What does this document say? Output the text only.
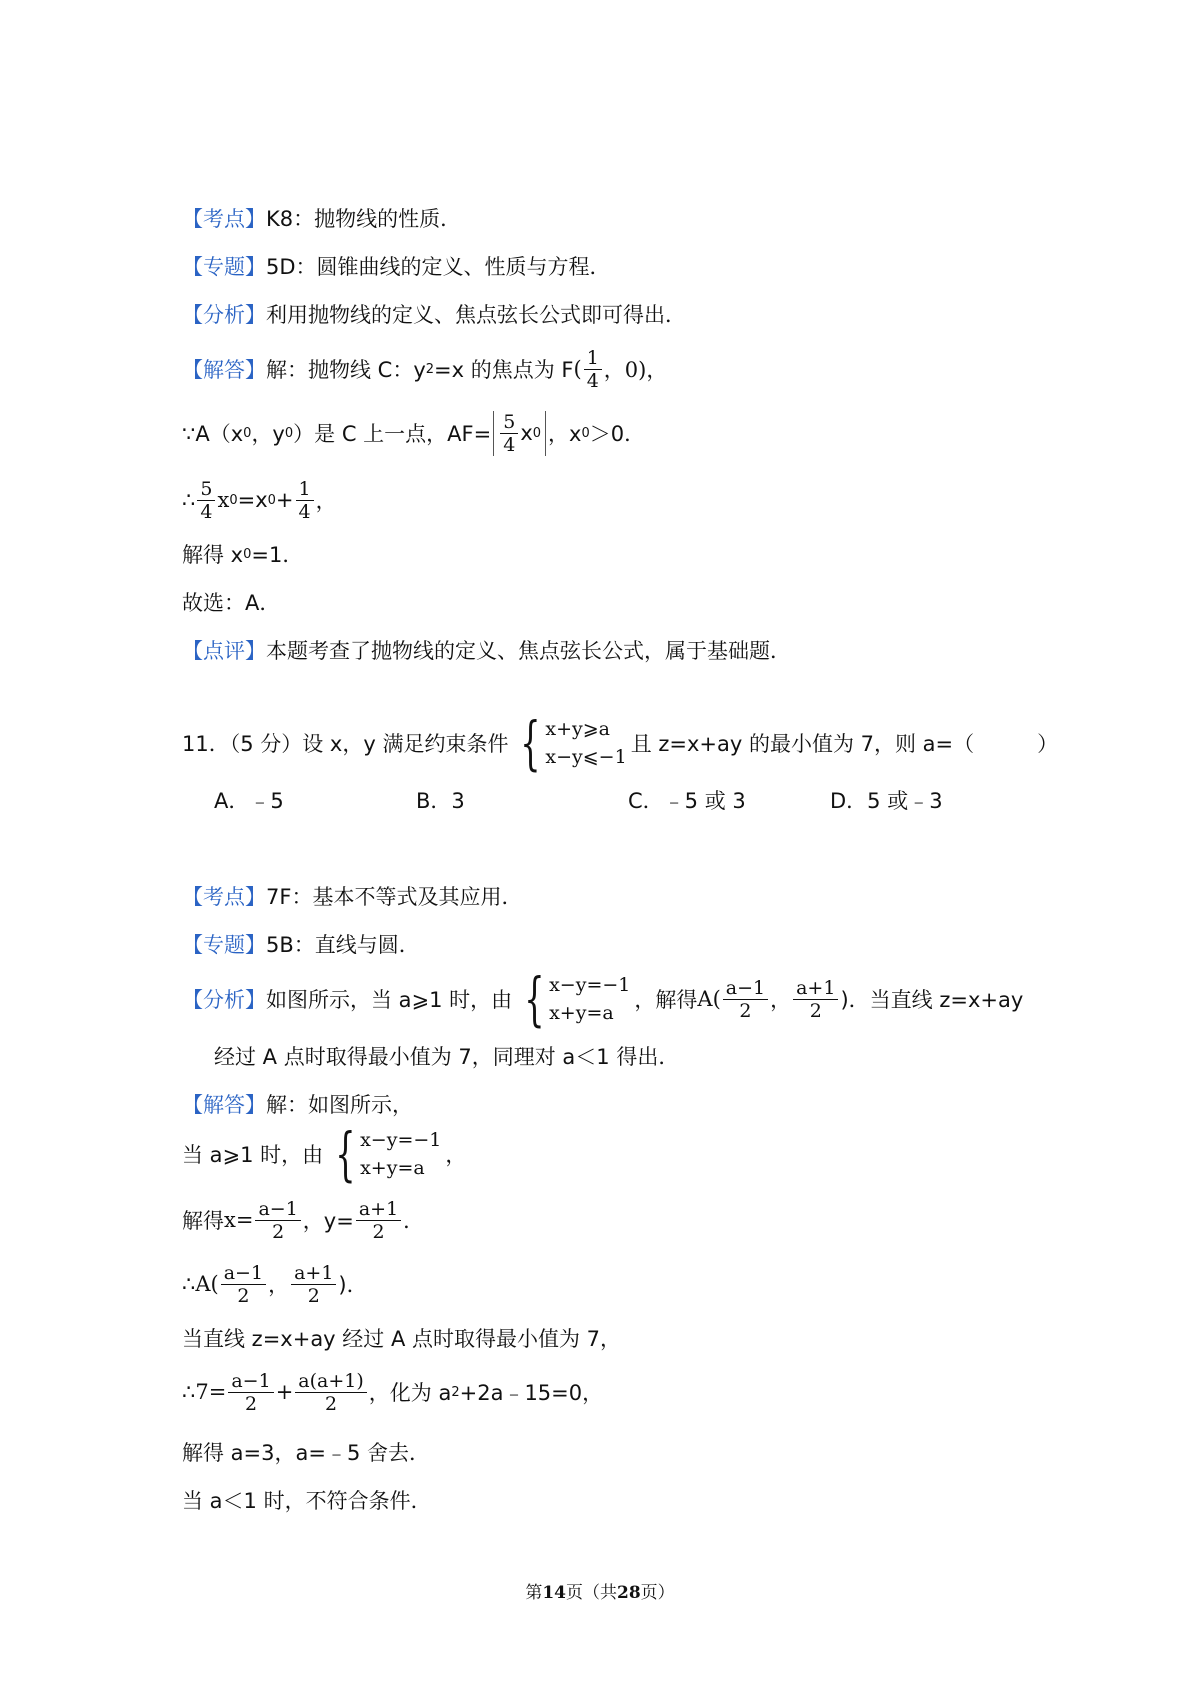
【考点】 K8：抛物线的性质．
【专题】 5D：圆锥曲线的定义、性质与方程．
【分析】 利用抛物线的定义、焦点弦长公式即可得出．
【解答】 解：抛物线 C：y 2 =x 的焦点为 F ( $\frac{1}{4}$ ，0)，
∵A（x 0 ，y 0 ）是 C 上一点，$AF= \frac{5}{4}$ x 0 ，x 0 ＞0．
∴ $\frac{5}{4}$ x 0 =x $0 + \frac{1}{4}$ ，
解得 x 0 =1．
故选：A．
【点评】 本题考查了抛物线的定义、焦点弦长公式，属于基础题．
11．（5 分）设 x，y 满足约束条件 { x+y⩾a
x−y⩽−1
且 z=x+ay 的最小值为 7，则 a=（　　　）
A．﹣5	B．3	C．﹣5 或 3	D．5 或﹣3
【考点】 7F：基本不等式及其应用．
【专题】 5B：直线与圆．
【分析】 如图所示，当 a⩾1 时，由 { x−y=−1
x+y=a
，解得 $A( \frac{a-1}{2}$ ， $\frac{a+1}{2}$ )．当直线 z=x+ay
经过 A 点时取得最小值为 7，同理对 a＜1 得出．
【解答】 解：如图所示，
当 a⩾1 时，由 { x−y=−1
x+y=a
，
解得 $x= \frac{a-1}{2}$ ，$y= \frac{a+1}{2}$ ．
∴ $A( \frac{a-1}{2}$ ， $\frac{a+1}{2}$ )．
当直线 z=x+ay 经过 A 点时取得最小值为 7，
∴ $7= \frac{a-1}{2} + \frac{a(a+1)}{2}$ ，化为 a 2 +2a﹣15=0，
解得 a=3，a=﹣5 舍去．
当 a＜1 时，不符合条件．
第14页（共28页）
